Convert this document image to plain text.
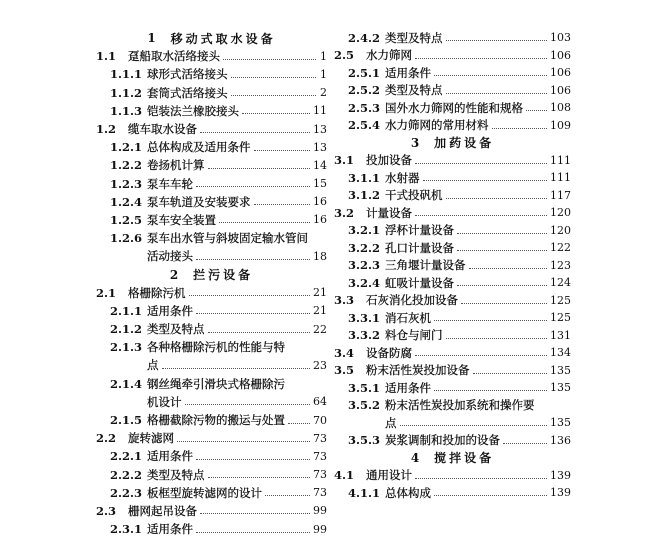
1 移动式取水设备
1.1	趸船取水活络接头	1
1.1.1 球形式活络接头	1
1.1.2 套筒式活络接头	2
1.1.3 铠装法兰橡胶接头	11
1.2	缆车取水设备	13
1.2.1 总体构成及适用条件	13
1.2.2 卷扬机计算	14
1.2.3 泵车车轮	15
1.2.4 泵车轨道及安装要求	16
1.2.5 泵车安全装置	16
1.2.6 泵车出水管与斜坡固定输水管间
活动接头	18
2 拦污设备
2.1	格栅除污机	21
2.1.1 适用条件	21
2.1.2 类型及特点	22
2.1.3 各种格栅除污机的性能与特
点	23
2.1.4 钢丝绳牵引滑块式格栅除污
机设计	64
2.1.5 格栅截除污物的搬运与处置	70
2.2	旋转滤网	73
2.2.1 适用条件	73
2.2.2 类型及特点	73
2.2.3 板框型旋转滤网的设计	73
2.3	栅网起吊设备	99
2.3.1 适用条件	99
2.4.2 类型及特点	103
2.5	水力筛网	106
2.5.1 适用条件	106
2.5.2 类型及特点	106
2.5.3 国外水力筛网的性能和规格 108
2.5.4 水力筛网的常用材料	109
3 加药设备
3.1	投加设备	111
3.1.1 水射器	111
3.1.2 干式投矾机	117
3.2	计量设备	120
3.2.1 浮杯计量设备	120
3.2.2 孔口计量设备	122
3.2.3 三角堰计量设备	123
3.2.4 虹吸计量设备	124
3.3	石灰消化投加设备	125
3.3.1 消石灰机	125
3.3.2 料仓与闸门	131
3.4	设备防腐	134
3.5	粉末活性炭投加设备	135
3.5.1 适用条件	135
3.5.2 粉末活性炭投加系统和操作要
点	135
3.5.3 炭浆调制和投加的设备	136
4 搅拌设备
4.1	通用设计	139
4.1.1 总体构成	139
